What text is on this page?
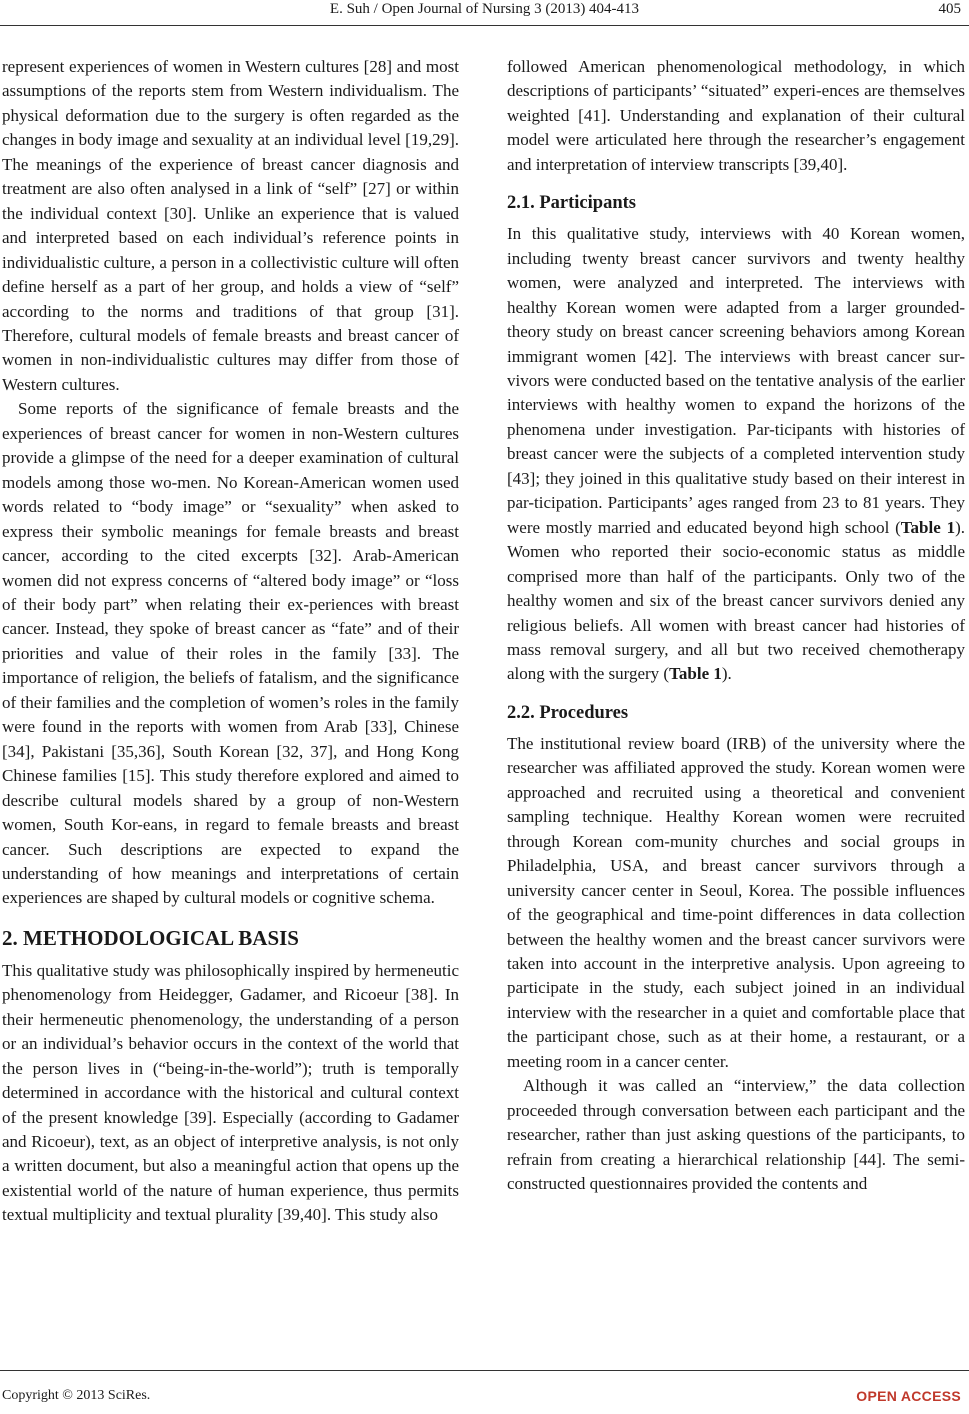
E. Suh / Open Journal of Nursing 3 (2013) 404-413	405

represent experiences of women in Western cultures [28] and most assumptions of the reports stem from Western individualism. The physical deformation due to the surgery is often regarded as the changes in body image and sexuality at an individual level [19,29]. The meanings of the experience of breast cancer diagnosis and treatment are also often analysed in a link of “self” [27] or within the individual context [30]. Unlike an experience that is valued and interpreted based on each individual’s reference points in individualistic culture, a person in a collectivistic culture will often define herself as a part of her group, and holds a view of “self” according to the norms and traditions of that group [31]. Therefore, cultural models of female breasts and breast cancer of women in non-individualistic cultures may differ from those of Western cultures.

Some reports of the significance of female breasts and the experiences of breast cancer for women in non-Western cultures provide a glimpse of the need for a deeper examination of cultural models among those wo-men. No Korean-American women used words related to “body image” or “sexuality” when asked to express their symbolic meanings for female breasts and breast cancer, according to the cited excerpts [32]. Arab-American women did not express concerns of “altered body image” or “loss of their body part” when relating their ex-periences with breast cancer. Instead, they spoke of breast cancer as “fate” and of their priorities and value of their roles in the family [33]. The importance of religion, the beliefs of fatalism, and the significance of their families and the completion of women’s roles in the family were found in the reports with women from Arab [33], Chinese [34], Pakistani [35,36], South Korean [32, 37], and Hong Kong Chinese families [15]. This study therefore explored and aimed to describe cultural models shared by a group of non-Western women, South Kor-eans, in regard to female breasts and breast cancer. Such descriptions are expected to expand the understanding of how meanings and interpretations of certain experiences are shaped by cultural models or cognitive schema.

2. METHODOLOGICAL BASIS

This qualitative study was philosophically inspired by hermeneutic phenomenology from Heidegger, Gadamer, and Ricoeur [38]. In their hermeneutic phenomenology, the understanding of a person or an individual’s behavior occurs in the context of the world that the person lives in (“being-in-the-world”); truth is temporally determined in accordance with the historical and cultural context of the present knowledge [39]. Especially (according to Gadamer and Ricoeur), text, as an object of interpretive analysis, is not only a written document, but also a meaningful action that opens up the existential world of the nature of human experience, thus permits textual multiplicity and textual plurality [39,40]. This study also

followed American phenomenological methodology, in which descriptions of participants’ “situated” experi-ences are themselves weighted [41]. Understanding and explanation of their cultural model were articulated here through the researcher’s engagement and interpretation of interview transcripts [39,40].

2.1. Participants

In this qualitative study, interviews with 40 Korean women, including twenty breast cancer survivors and twenty healthy women, were analyzed and interpreted. The interviews with healthy Korean women were adapted from a larger grounded-theory study on breast cancer screening behaviors among Korean immigrant women [42]. The interviews with breast cancer sur-vivors were conducted based on the tentative analysis of the earlier interviews with healthy women to expand the horizons of the phenomena under investigation. Par-ticipants with histories of breast cancer were the subjects of a completed intervention study [43]; they joined in this qualitative study based on their interest in par-ticipation. Participants’ ages ranged from 23 to 81 years. They were mostly married and educated beyond high school (Table 1). Women who reported their socio-economic status as middle comprised more than half of the participants. Only two of the healthy women and six of the breast cancer survivors denied any religious beliefs. All women with breast cancer had histories of mass removal surgery, and all but two received chemotherapy along with the surgery (Table 1).

2.2. Procedures

The institutional review board (IRB) of the university where the researcher was affiliated approved the study. Korean women were approached and recruited using a theoretical and convenient sampling technique. Healthy Korean women were recruited through Korean com-munity churches and social groups in Philadelphia, USA, and breast cancer survivors through a university cancer center in Seoul, Korea. The possible influences of the geographical and time-point differences in data collection between the healthy women and the breast cancer survivors were taken into account in the interpretive analysis. Upon agreeing to participate in the study, each subject joined in an individual interview with the researcher in a quiet and comfortable place that the participant chose, such as at their home, a restaurant, or a meeting room in a cancer center.

Although it was called an “interview,” the data collection proceeded through conversation between each participant and the researcher, rather than just asking questions of the participants, to refrain from creating a hierarchical relationship [44]. The semi-constructed questionnaires provided the contents and

Copyright © 2013 SciRes.	OPEN ACCESS
